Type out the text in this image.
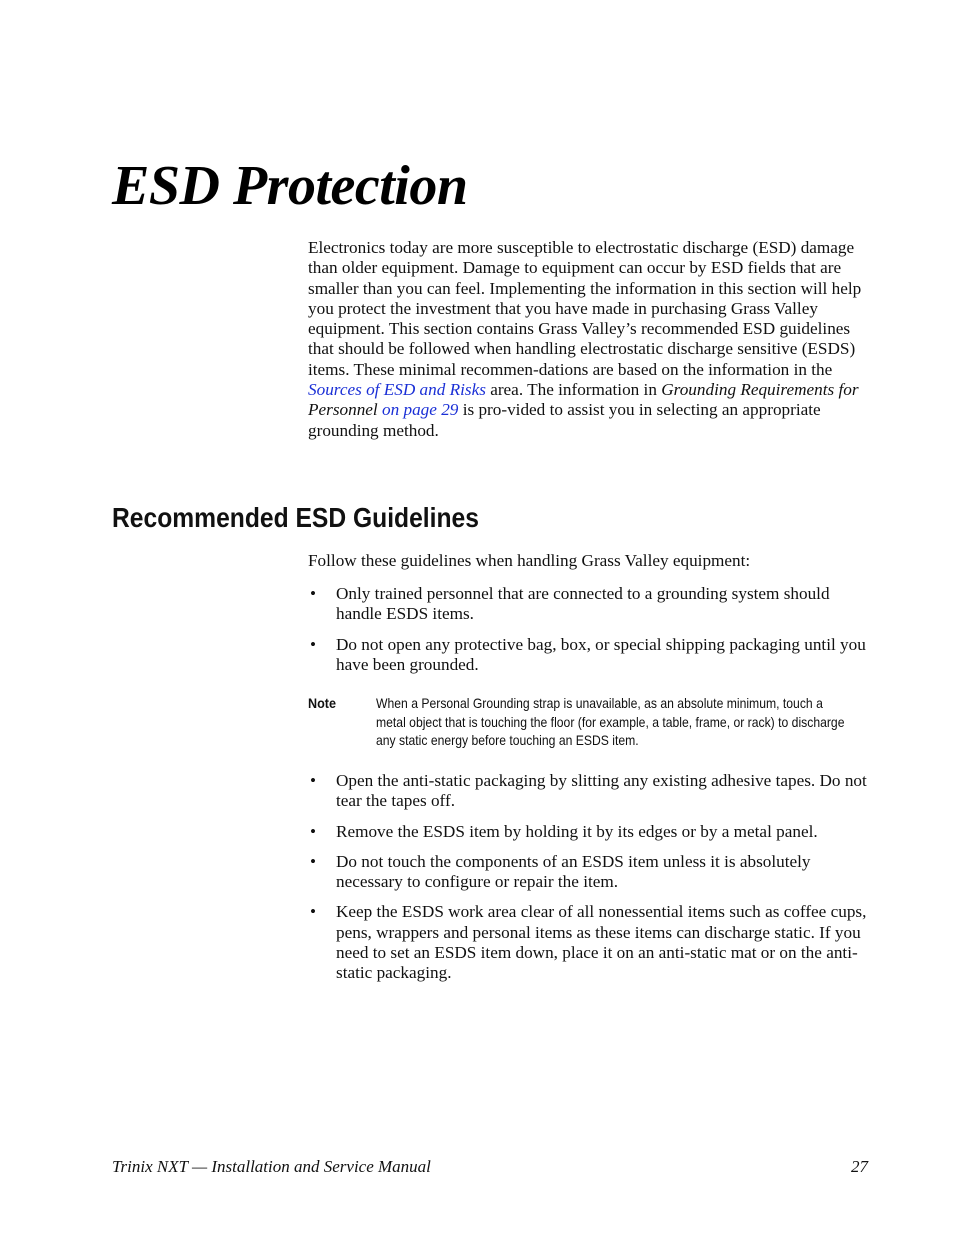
ESD Protection

Electronics today are more susceptible to electrostatic discharge (ESD) damage than older equipment. Damage to equipment can occur by ESD fields that are smaller than you can feel. Implementing the information in this section will help you protect the investment that you have made in purchasing Grass Valley equipment. This section contains Grass Valley’s recommended ESD guidelines that should be followed when handling electrostatic discharge sensitive (ESDS) items. These minimal recommen-dations are based on the information in the Sources of ESD and Risks area. The information in Grounding Requirements for Personnel on page 29 is pro-vided to assist you in selecting an appropriate grounding method.

Recommended ESD Guidelines

Follow these guidelines when handling Grass Valley equipment:

• Only trained personnel that are connected to a grounding system should handle ESDS items.
• Do not open any protective bag, box, or special shipping packaging until you have been grounded.
Note	When a Personal Grounding strap is unavailable, as an absolute minimum, touch a metal object that is touching the floor (for example, a table, frame, or rack) to discharge any static energy before touching an ESDS item.
• Open the anti-static packaging by slitting any existing adhesive tapes. Do not tear the tapes off.
• Remove the ESDS item by holding it by its edges or by a metal panel.
• Do not touch the components of an ESDS item unless it is absolutely necessary to configure or repair the item.
• Keep the ESDS work area clear of all nonessential items such as coffee cups, pens, wrappers and personal items as these items can discharge static. If you need to set an ESDS item down, place it on an anti-static mat or on the anti-static packaging.
Trinix NXT — Installation and Service Manual	27
